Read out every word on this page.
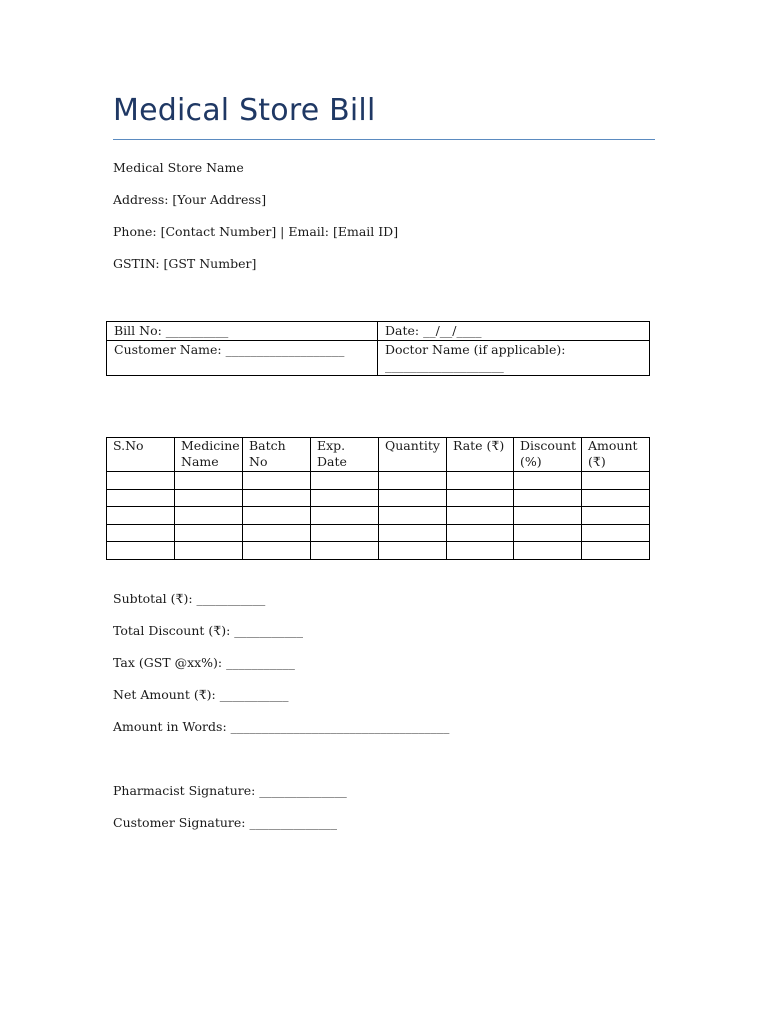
Medical Store Bill
Medical Store Name
Address: [Your Address]
Phone: [Contact Number] | Email: [Email ID]
GSTIN: [GST Number]
Bill No: __________	Date: __/__/____
Customer Name: ___________________	Doctor Name (if applicable):
___________________
S.No	Medicine Name	Batch No	Exp. Date	Quantity	Rate (₹)	Discount (%)	Amount (₹)

Subtotal (₹): ___________
Total Discount (₹): ___________
Tax (GST @xx%): ___________
Net Amount (₹): ___________
Amount in Words: ___________________________________
Pharmacist Signature: ______________
Customer Signature: ______________
